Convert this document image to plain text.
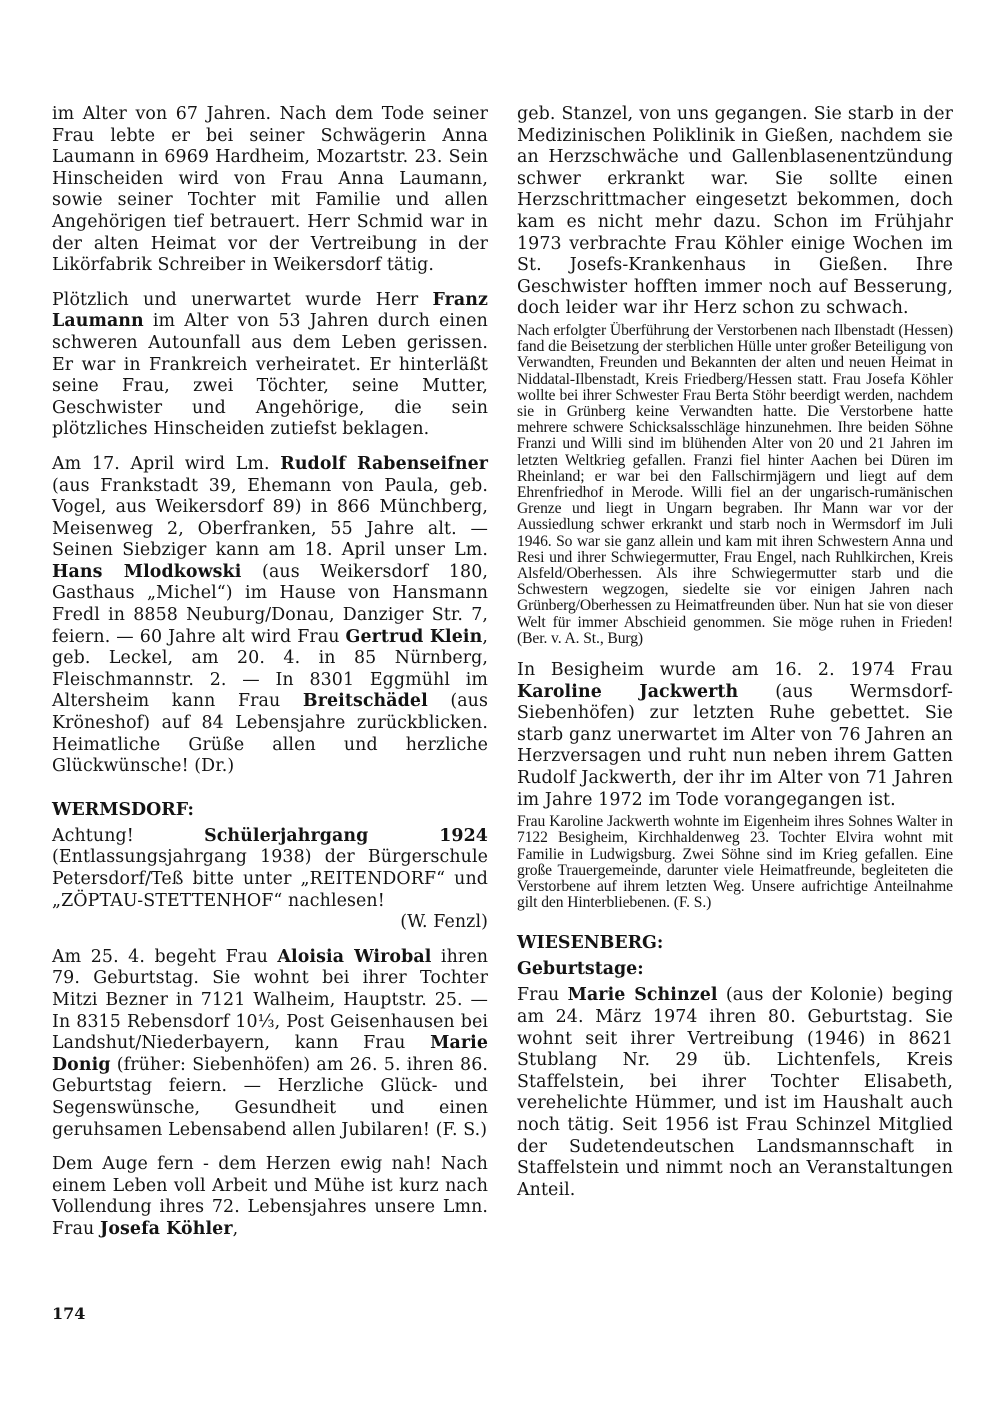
im Alter von 67 Jahren. Nach dem Tode seiner Frau lebte er bei seiner Schwägerin Anna Laumann in 6969 Hardheim, Mozartstr. 23. Sein Hinscheiden wird von Frau Anna Laumann, sowie seiner Tochter mit Familie und allen Angehörigen tief betrauert. Herr Schmid war in der alten Heimat vor der Vertreibung in der Likörfabrik Schreiber in Weikersdorf tätig.

Plötzlich und unerwartet wurde Herr Franz Laumann im Alter von 53 Jahren durch einen schweren Autounfall aus dem Leben gerissen. Er war in Frankreich verheiratet. Er hinterläßt seine Frau, zwei Töchter, seine Mutter, Geschwister und Angehörige, die sein plötzliches Hinscheiden zutiefst beklagen.

Am 17. April wird Lm. Rudolf Rabenseifner (aus Frankstadt 39, Ehemann von Paula, geb. Vogel, aus Weikersdorf 89) in 866 Münchberg, Meisenweg 2, Oberfranken, 55 Jahre alt. — Seinen Siebziger kann am 18. April unser Lm. Hans Mlodkowski (aus Weikersdorf 180, Gasthaus „Michel“) im Hause von Hansmann Fredl in 8858 Neuburg/Donau, Danziger Str. 7, feiern. — 60 Jahre alt wird Frau Gertrud Klein, geb. Leckel, am 20. 4. in 85 Nürnberg, Fleischmannstr. 2. — In 8301 Eggmühl im Altersheim kann Frau Breitschädel (aus Kröneshof) auf 84 Lebensjahre zurückblicken. Heimatliche Grüße allen und herzliche Glückwünsche! (Dr.)

WERMSDORF:

Achtung! Schülerjahrgang 1924 (Entlassungsjahrgang 1938) der Bürgerschule Petersdorf/Teß bitte unter „REITENDORF“ und „ZÖPTAU-STETTENHOF“ nachlesen!

(W. Fenzl)

Am 25. 4. begeht Frau Aloisia Wirobal ihren 79. Geburtstag. Sie wohnt bei ihrer Tochter Mitzi Bezner in 7121 Walheim, Hauptstr. 25. — In 8315 Rebensdorf 10⅓, Post Geisenhausen bei Landshut/Niederbayern, kann Frau Marie Donig (früher: Siebenhöfen) am 26. 5. ihren 86. Geburtstag feiern. — Herzliche Glück- und Segenswünsche, Gesundheit und einen geruhsamen Lebensabend allen Jubilaren! (F. S.)

Dem Auge fern - dem Herzen ewig nah! Nach einem Leben voll Arbeit und Mühe ist kurz nach Vollendung ihres 72. Lebensjahres unsere Lmn. Frau Josefa Köhler,

geb. Stanzel, von uns gegangen. Sie starb in der Medizinischen Poliklinik in Gießen, nachdem sie an Herzschwäche und Gallenblasenentzündung schwer erkrankt war. Sie sollte einen Herzschrittmacher eingesetzt bekommen, doch kam es nicht mehr dazu. Schon im Frühjahr 1973 verbrachte Frau Köhler einige Wochen im St. Josefs-Krankenhaus in Gießen. Ihre Geschwister hofften immer noch auf Besserung, doch leider war ihr Herz schon zu schwach.

Nach erfolgter Überführung der Verstorbenen nach Ilbenstadt (Hessen) fand die Beisetzung der sterblichen Hülle unter großer Beteiligung von Verwandten, Freunden und Bekannten der alten und neuen Heimat in Niddatal-Ilbenstadt, Kreis Friedberg/Hessen statt. Frau Josefa Köhler wollte bei ihrer Schwester Frau Berta Stöhr beerdigt werden, nachdem sie in Grünberg keine Verwandten hatte. Die Verstorbene hatte mehrere schwere Schicksalsschläge hinzunehmen. Ihre beiden Söhne Franzi und Willi sind im blühenden Alter von 20 und 21 Jahren im letzten Weltkrieg gefallen. Franzi fiel hinter Aachen bei Düren im Rheinland; er war bei den Fallschirmjägern und liegt auf dem Ehrenfriedhof in Merode. Willi fiel an der ungarisch-rumänischen Grenze und liegt in Ungarn begraben. Ihr Mann war vor der Aussiedlung schwer erkrankt und starb noch in Wermsdorf im Juli 1946. So war sie ganz allein und kam mit ihren Schwestern Anna und Resi und ihrer Schwiegermutter, Frau Engel, nach Ruhlkirchen, Kreis Alsfeld/Oberhessen. Als ihre Schwiegermutter starb und die Schwestern wegzogen, siedelte sie vor einigen Jahren nach Grünberg/Oberhessen zu Heimatfreunden über. Nun hat sie von dieser Welt für immer Abschieid genommen. Sie möge ruhen in Frieden! (Ber. v. A. St., Burg)

In Besigheim wurde am 16. 2. 1974 Frau Karoline Jackwerth (aus Wermsdorf-Siebenhöfen) zur letzten Ruhe gebettet. Sie starb ganz unerwartet im Alter von 76 Jahren an Herzversagen und ruht nun neben ihrem Gatten Rudolf Jackwerth, der ihr im Alter von 71 Jahren im Jahre 1972 im Tode vorangegangen ist.

Frau Karoline Jackwerth wohnte im Eigenheim ihres Sohnes Walter in 7122 Besigheim, Kirchhaldenweg 23. Tochter Elvira wohnt mit Familie in Ludwigsburg. Zwei Söhne sind im Krieg gefallen. Eine große Trauergemeinde, darunter viele Heimatfreunde, begleiteten die Verstorbene auf ihrem letzten Weg. Unsere aufrichtige Anteilnahme gilt den Hinterbliebenen. (F. S.)

WIESENBERG:
Geburtstage:

Frau Marie Schinzel (aus der Kolonie) beging am 24. März 1974 ihren 80. Geburtstag. Sie wohnt seit ihrer Vertreibung (1946) in 8621 Stublang Nr. 29 üb. Lichtenfels, Kreis Staffelstein, bei ihrer Tochter Elisabeth, verehelichte Hümmer, und ist im Haushalt auch noch tätig. Seit 1956 ist Frau Schinzel Mitglied der Sudetendeutschen Landsmannschaft in Staffelstein und nimmt noch an Veranstaltungen Anteil.

174
